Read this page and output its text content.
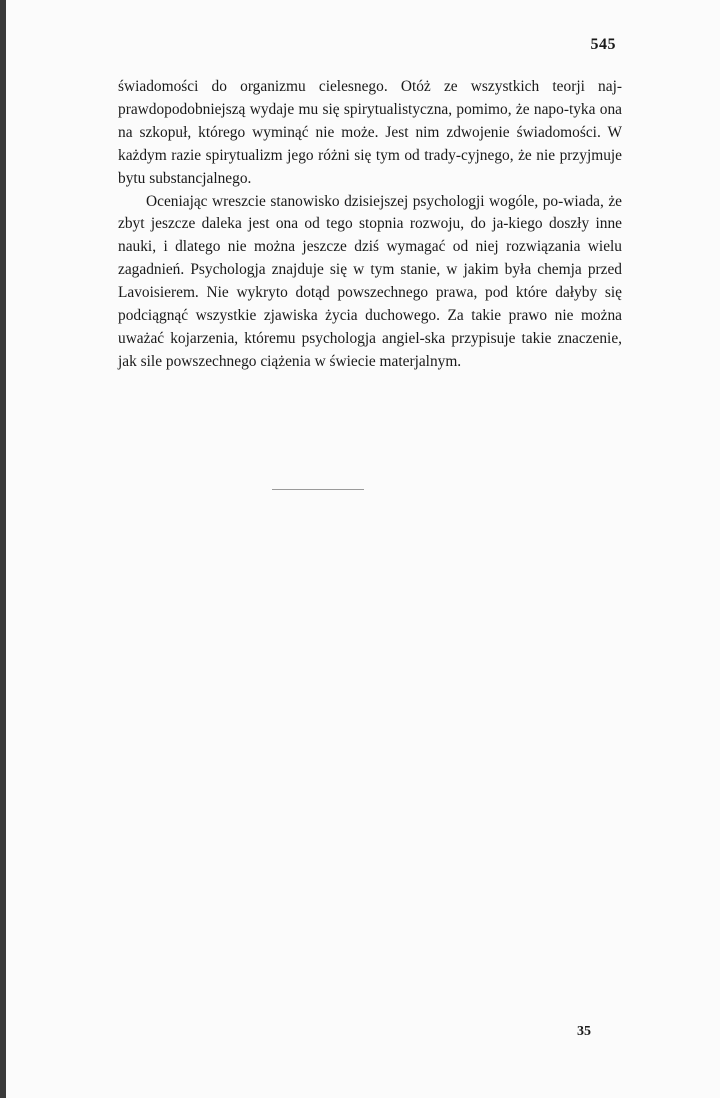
545

świadomości do organizmu cielesnego. Otóż ze wszystkich teorji naj-prawdopodobniejszą wydaje mu się spirytualistyczna, pomimo, że napo-tyka ona na szkopuł, którego wyminąć nie może. Jest nim zdwojenie świadomości. W każdym razie spirytualizm jego różni się tym od trady-cyjnego, że nie przyjmuje bytu substancjalnego.

Oceniając wreszcie stanowisko dzisiejszej psychologji wogóle, po-wiada, że zbyt jeszcze daleka jest ona od tego stopnia rozwoju, do ja-kiego doszły inne nauki, i dlatego nie można jeszcze dziś wymagać od niej rozwiązania wielu zagadnień. Psychologja znajduje się w tym stanie, w jakim była chemja przed Lavoisierem. Nie wykryto dotąd powszechnego prawa, pod które dałyby się podciągnąć wszystkie zjawiska życia duchowego. Za takie prawo nie można uważać kojarzenia, któremu psychologja angiel-ska przypisuje takie znaczenie, jak sile powszechnego ciążenia w świecie materjalnym.

35
